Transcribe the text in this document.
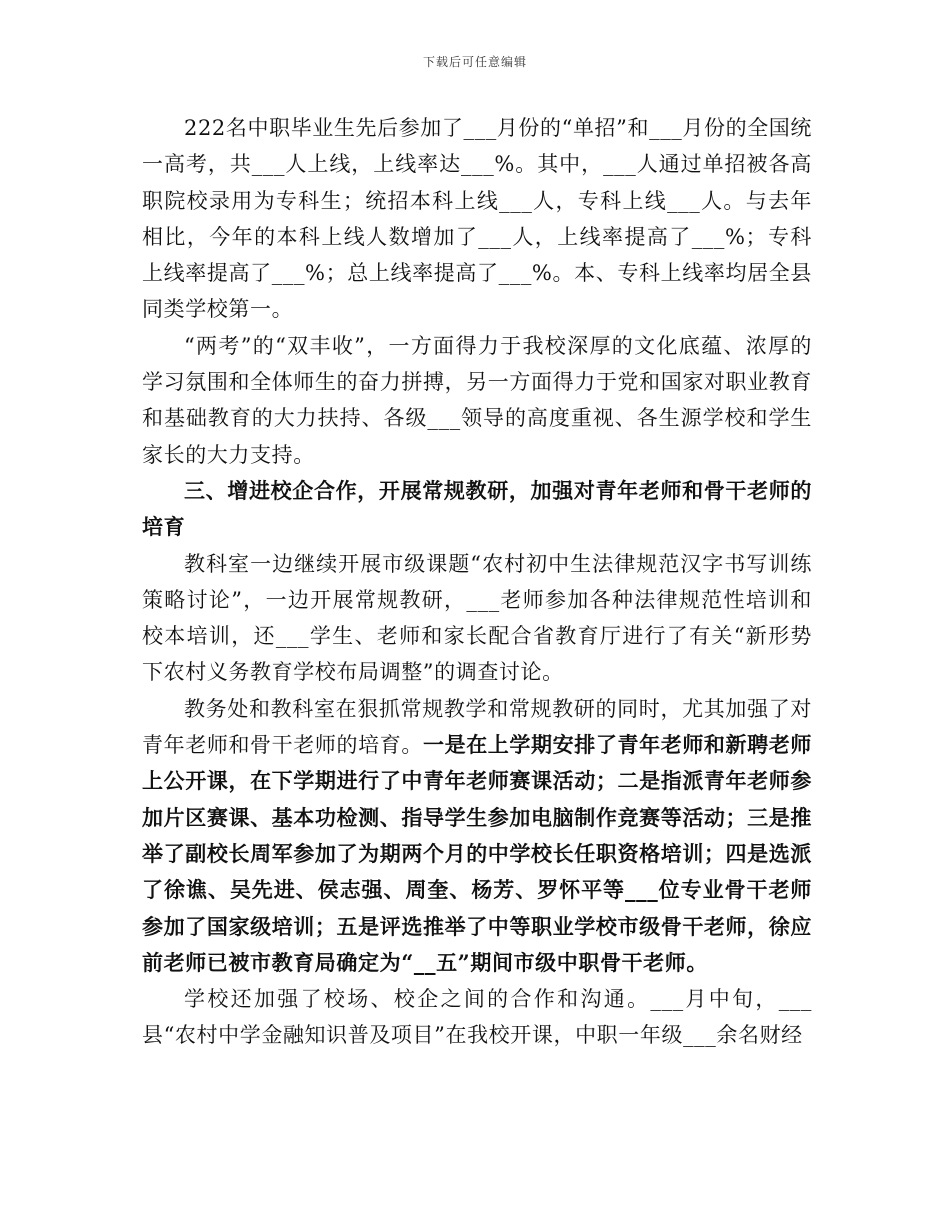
下载后可任意编辑

222名中职毕业生先后参加了___月份的“单招”和___月份的全国统一高考，共___人上线，上线率达___%。其中，___人通过单招被各高职院校录用为专科生；统招本科上线___人，专科上线___人。与去年相比，今年的本科上线人数增加了___人，上线率提高了___%；专科上线率提高了___%；总上线率提高了___%。本、专科上线率均居全县同类学校第一。

“两考”的“双丰收”，一方面得力于我校深厚的文化底蕴、浓厚的学习氛围和全体师生的奋力拼搏，另一方面得力于党和国家对职业教育和基础教育的大力扶持、各级___领导的高度重视、各生源学校和学生家长的大力支持。

三、增进校企合作，开展常规教研，加强对青年老师和骨干老师的培育

教科室一边继续开展市级课题“农村初中生法律规范汉字书写训练策略讨论”，一边开展常规教研，___老师参加各种法律规范性培训和校本培训，还___学生、老师和家长配合省教育厅进行了有关“新形势下农村义务教育学校布局调整”的调查讨论。

教务处和教科室在狠抓常规教学和常规教研的同时，尤其加强了对青年老师和骨干老师的培育。一是在上学期安排了青年老师和新聘老师上公开课，在下学期进行了中青年老师赛课活动；二是指派青年老师参加片区赛课、基本功检测、指导学生参加电脑制作竞赛等活动；三是推举了副校长周军参加了为期两个月的中学校长任职资格培训；四是选派了徐谯、吴先进、侯志强、周奎、杨芳、罗怀平等___位专业骨干老师参加了国家级培训；五是评选推举了中等职业学校市级骨干老师，徐应前老师已被市教育局确定为“__五”期间市级中职骨干老师。

学校还加强了校场、校企之间的合作和沟通。___月中旬，___县“农村中学金融知识普及项目”在我校开课，中职一年级___余名财经
